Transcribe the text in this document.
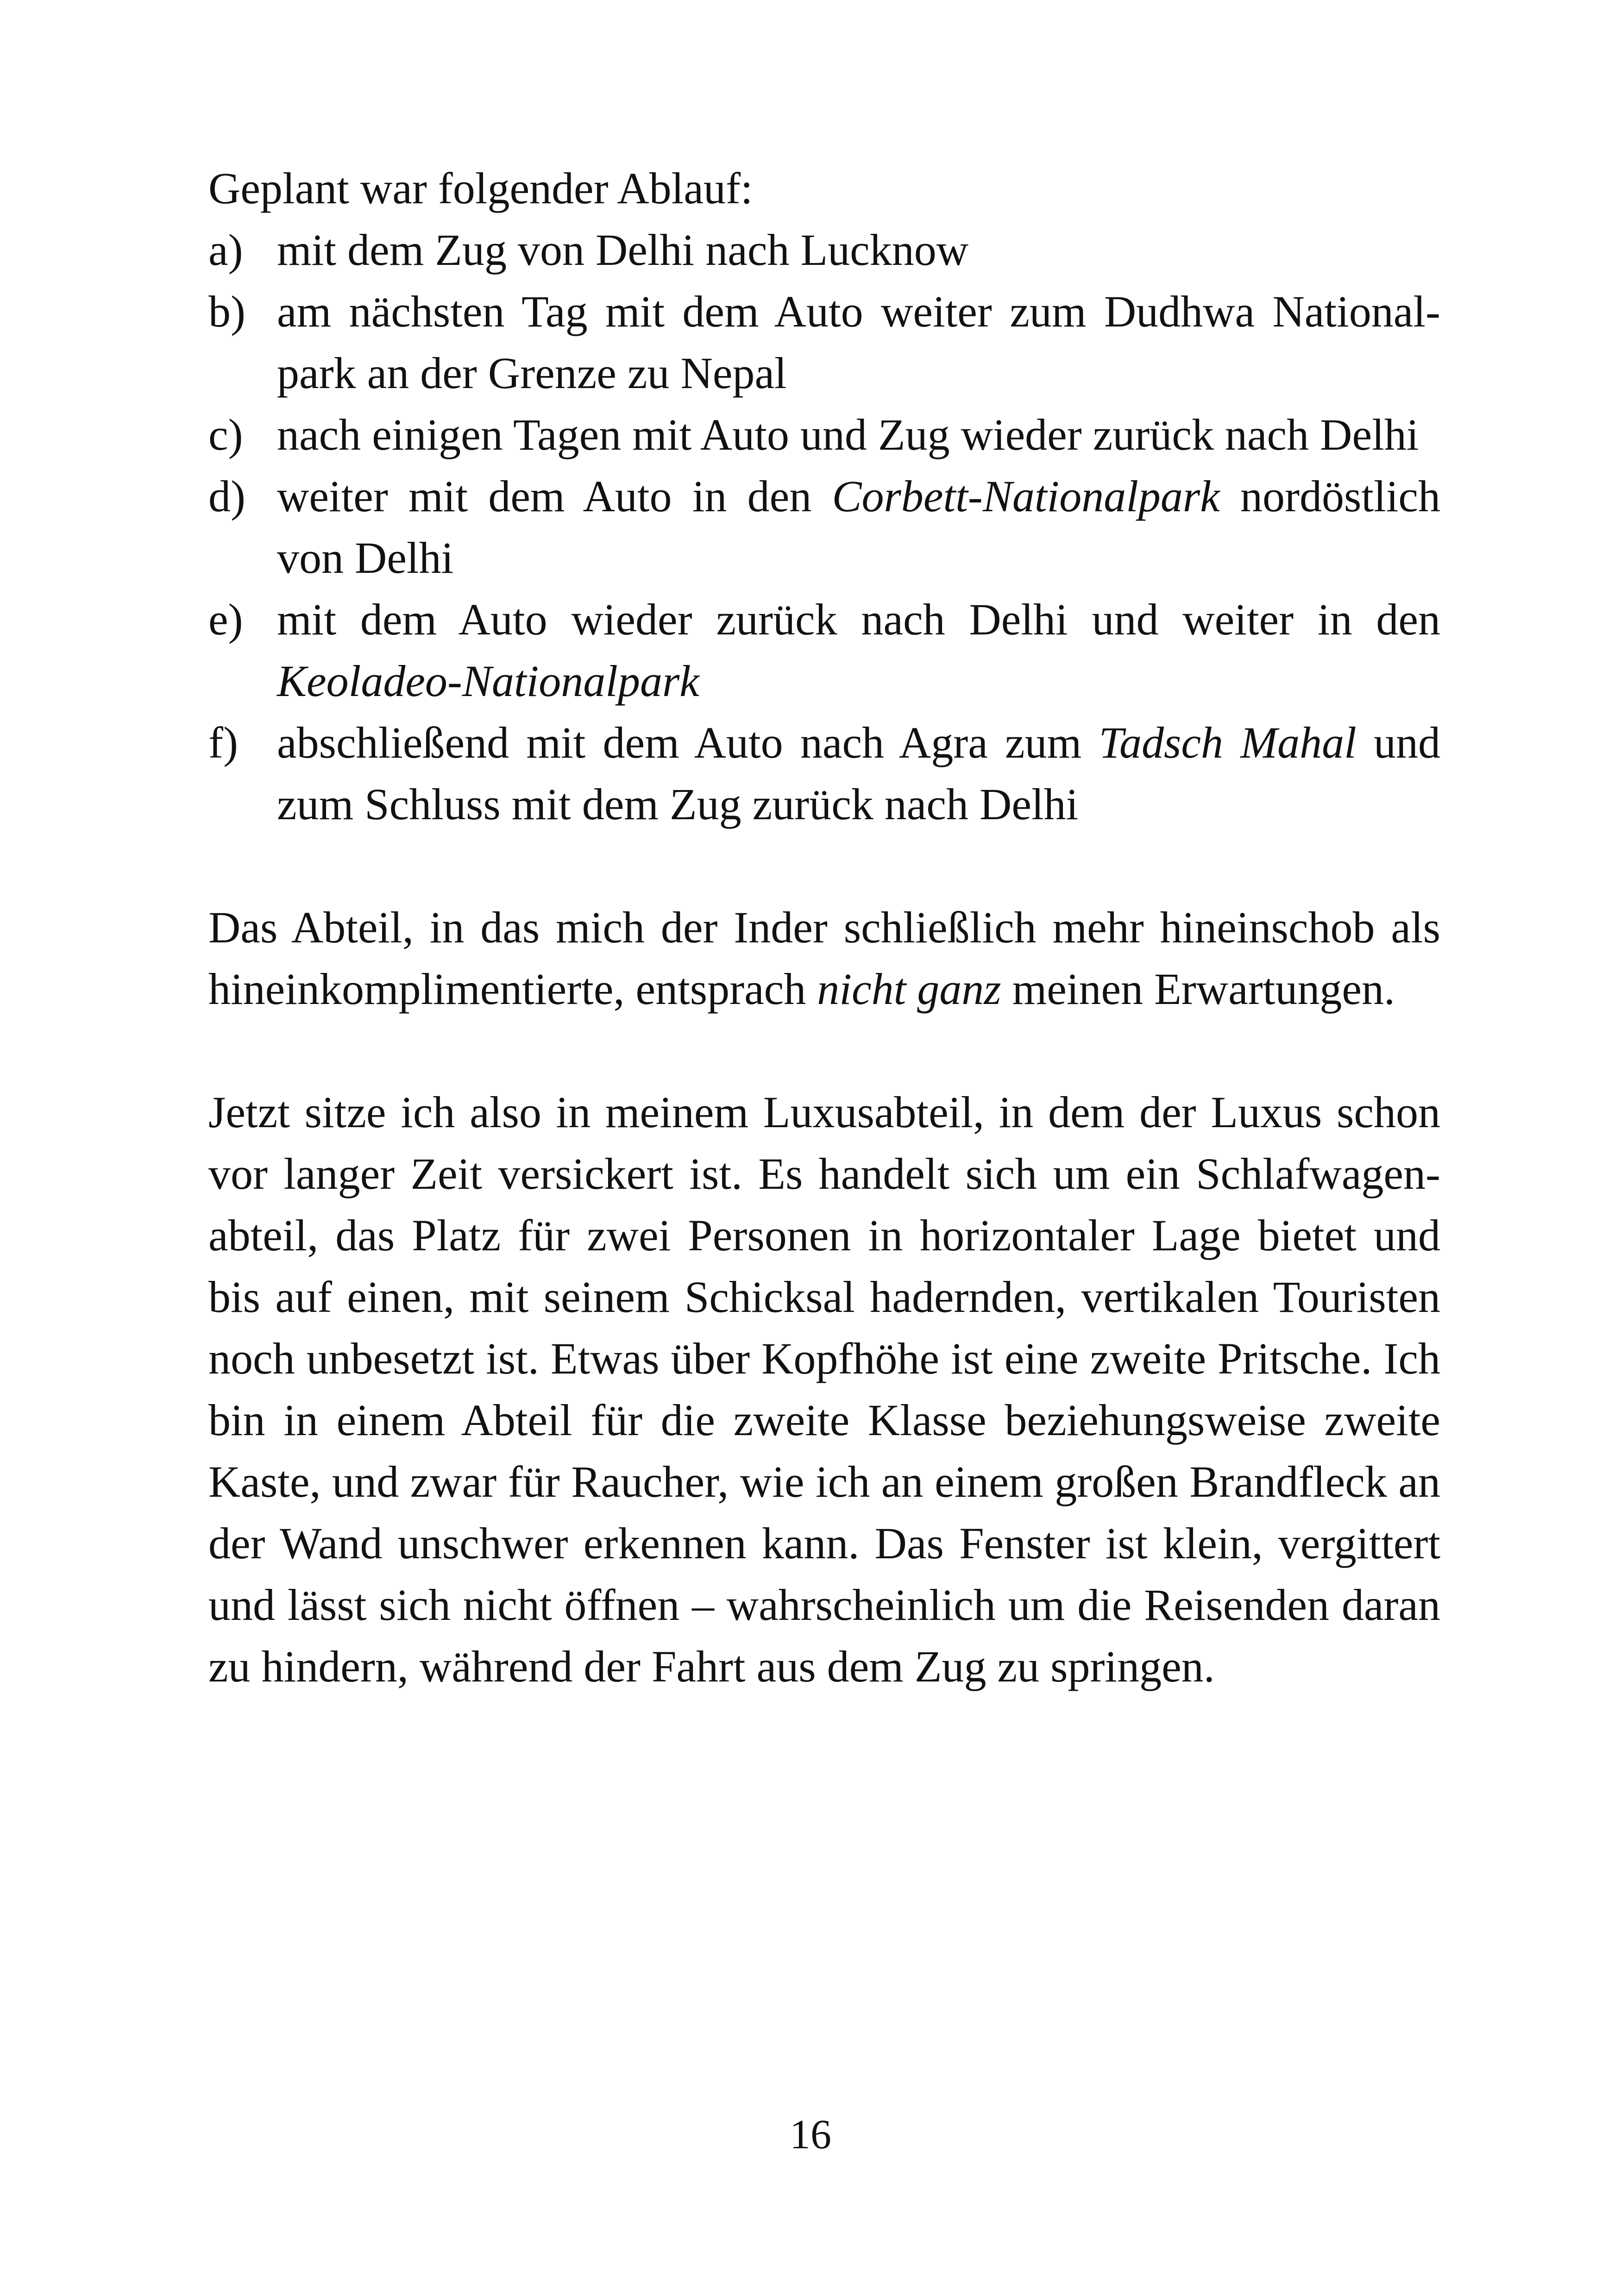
Geplant war folgender Ablauf:

a) mit dem Zug von Delhi nach Lucknow
b) am nächsten Tag mit dem Auto weiter zum Dudhwa Nationalpark an der Grenze zu Nepal
c) nach einigen Tagen mit Auto und Zug wieder zurück nach Delhi
d) weiter mit dem Auto in den Corbett-Nationalpark nordöstlich von Delhi
e) mit dem Auto wieder zurück nach Delhi und weiter in den Keoladeo-Nationalpark
f) abschließend mit dem Auto nach Agra zum Tadsch Mahal und zum Schluss mit dem Zug zurück nach Delhi

Das Abteil, in das mich der Inder schließlich mehr hineinschob als hineinkomplimentierte, entsprach nicht ganz meinen Erwartungen.

Jetzt sitze ich also in meinem Luxusabteil, in dem der Luxus schon vor langer Zeit versickert ist. Es handelt sich um ein Schlafwagenabteil, das Platz für zwei Personen in horizontaler Lage bietet und bis auf einen, mit seinem Schicksal hadernden, vertikalen Touristen noch unbesetzt ist. Etwas über Kopfhöhe ist eine zweite Pritsche. Ich bin in einem Abteil für die zweite Klasse beziehungsweise zweite Kaste, und zwar für Raucher, wie ich an einem großen Brandfleck an der Wand unschwer erkennen kann. Das Fenster ist klein, vergittert und lässt sich nicht öffnen – wahrscheinlich um die Reisenden daran zu hindern, während der Fahrt aus dem Zug zu springen.

16
